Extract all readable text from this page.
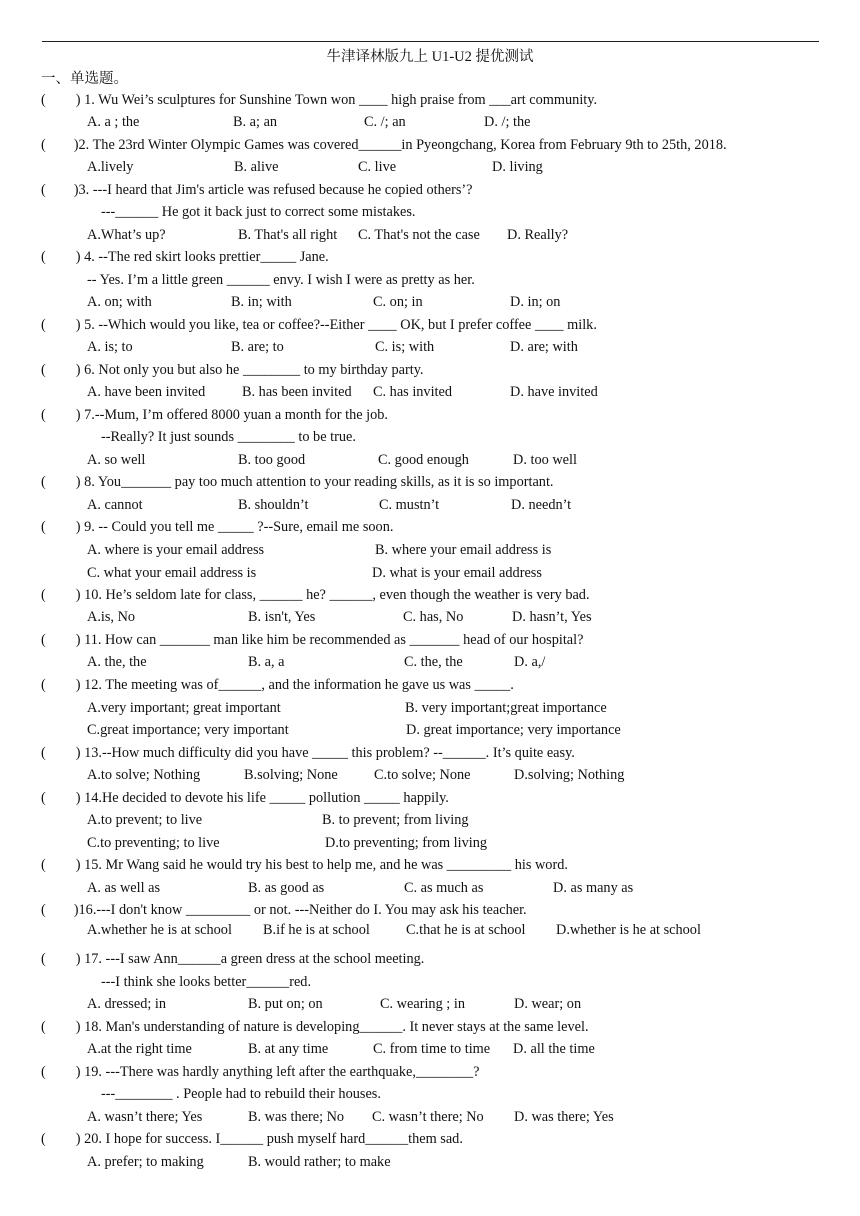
牛津译林版九上 U1-U2 提优测试
一、单选题。
( ) 1. Wu Wei’s sculptures for Sunshine Town won ____ high praise from ___art community.
A. a ; the	B. a; an	C. /; an	D. /; the
( )2. The 23rd Winter Olympic Games was covered______in Pyeongchang, Korea from February 9th to 25th, 2018.
A.lively	B. alive	C. live	D. living
( )3. ---I heard that Jim's article was refused because he copied others’?
---______ He got it back just to correct some mistakes.
A.What’s up?	B. That's all right C. That's not the case D. Really?
( ) 4. --The red skirt looks prettier_____ Jane.
-- Yes. I’m a little green ______ envy. I wish I were as pretty as her.
A. on; with	B. in; with	C. on; in	D. in; on
( ) 5. --Which would you like, tea or coffee?--Either ____ OK, but I prefer coffee ____ milk.
A. is; to	B. are; to	C. is; with	D. are; with
( ) 6. Not only you but also he ________ to my birthday party.
A. have been invited	B. has been invited C. has invited	D. have invited
( ) 7.--Mum, I’m offered 8000 yuan a month for the job.
--Really? It just sounds ________ to be true.
A. so well	B. too good	C. good enough	D. too well
( ) 8. You_______ pay too much attention to your reading skills, as it is so important.
A. cannot	B. shouldn’t	C. mustn’t	D. needn’t
( ) 9. -- Could you tell me _____ ?--Sure, email me soon.
A. where is your email address	B. where your email address is
C. what your email address is	D. what is your email address
( ) 10. He’s seldom late for class, ______ he? ______, even though the weather is very bad.
A.is, No	B. isn't, Yes	C. has, No	D. hasn’t, Yes
( ) 11. How can _______ man like him be recommended as _______ head of our hospital?
A. the, the	B. a, a	C. the, the	D. a,/
( ) 12. The meeting was of______, and the information he gave us was _____.
A.very important; great important	B. very important;great importance
C.great importance; very important	D. great importance; very importance
( ) 13.--How much difficulty did you have _____ this problem? --______. It’s quite easy.
A.to solve; Nothing	B.solving; None	C.to solve; None	D.solving; Nothing
( ) 14.He decided to devote his life _____ pollution _____ happily.
A.to prevent; to live	B. to prevent; from living
C.to preventing; to live	D.to preventing; from living
( ) 15. Mr Wang said he would try his best to help me, and he was _________ his word.
A. as well as	B. as good as	C. as much as	D. as many as
( )16.---I don't know _________ or not. ---Neither do I. You may ask his teacher.
A.whether he is at school B.if he is at school	C.that he is at school D.whether is he at school
( ) 17. ---I saw Ann______a green dress at the school meeting.
---I think she looks better______red.
A. dressed; in	B. put on; on	C. wearing ; in	D. wear; on
( ) 18. Man's understanding of nature is developing______. It never stays at the same level.
A.at the right time	B. at any time	C. from time to time D. all the time
( ) 19. ---There was hardly anything left after the earthquake,________?
---________ . People had to rebuild their houses.
A. wasn’t there; Yes	B. was there; No C. wasn’t there; No D. was there; Yes
( ) 20. I hope for success. I______ push myself hard______them sad.
A. prefer; to making	B. would rather; to make
